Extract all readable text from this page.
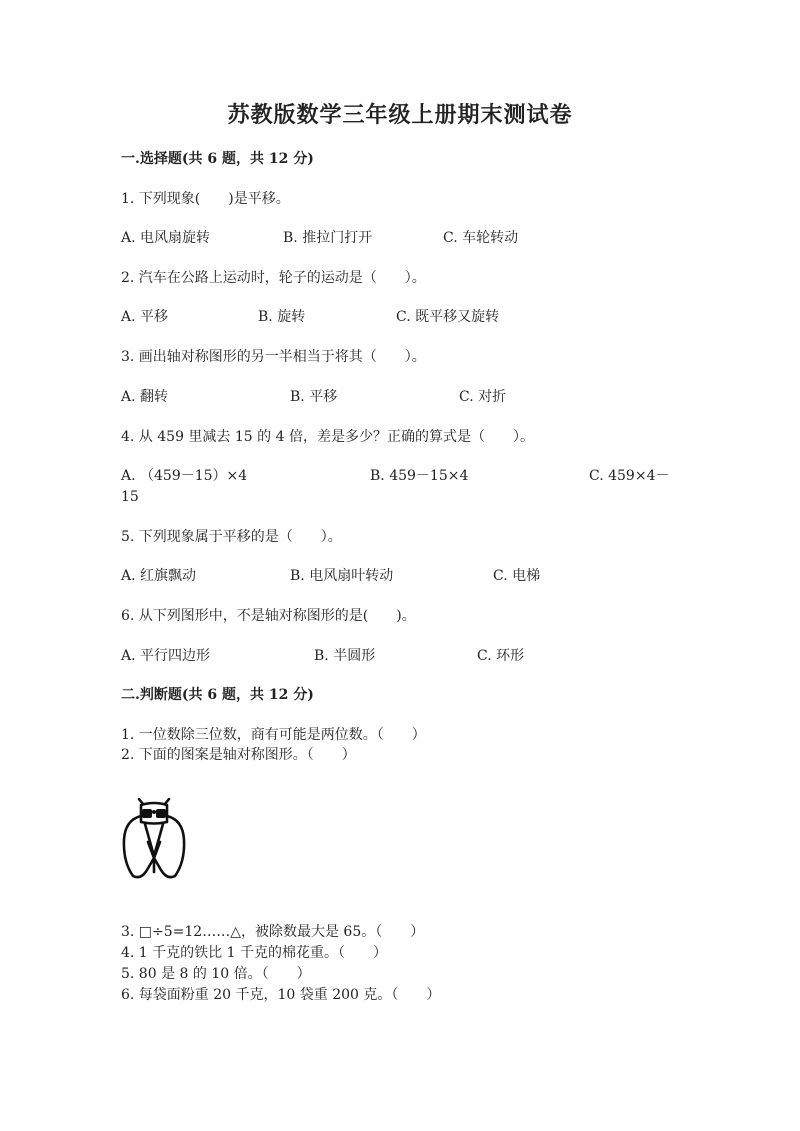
苏教版数学三年级上册期末测试卷
一.选择题(共 6 题，共 12 分)
1. 下列现象(　　)是平移。
A. 电风扇旋转	B. 推拉门打开	C. 车轮转动
2. 汽车在公路上运动时，轮子的运动是（　　）。
A. 平移	B. 旋转	C. 既平移又旋转
3. 画出轴对称图形的另一半相当于将其（　　）。
A. 翻转	B. 平移	C. 对折
4. 从 459 里减去 15 的 4 倍，差是多少？正确的算式是（　　）。
A. （459－15）×4	B. 459－15×4	C. 459×4－
15
5. 下列现象属于平移的是（　　）。
A. 红旗飘动	B. 电风扇叶转动	C. 电梯
6. 从下列图形中，不是轴对称图形的是(　　)。
A. 平行四边形	B. 半圆形	C. 环形
二.判断题(共 6 题，共 12 分)
1. 一位数除三位数，商有可能是两位数。（　　）
2. 下面的图案是轴对称图形。（　　）
3. □÷5=12……△，被除数最大是 65。（　　）
4. 1 千克的铁比 1 千克的棉花重。（　　）
5. 80 是 8 的 10 倍。（　　）
6. 每袋面粉重 20 千克，10 袋重 200 克。（　　）
